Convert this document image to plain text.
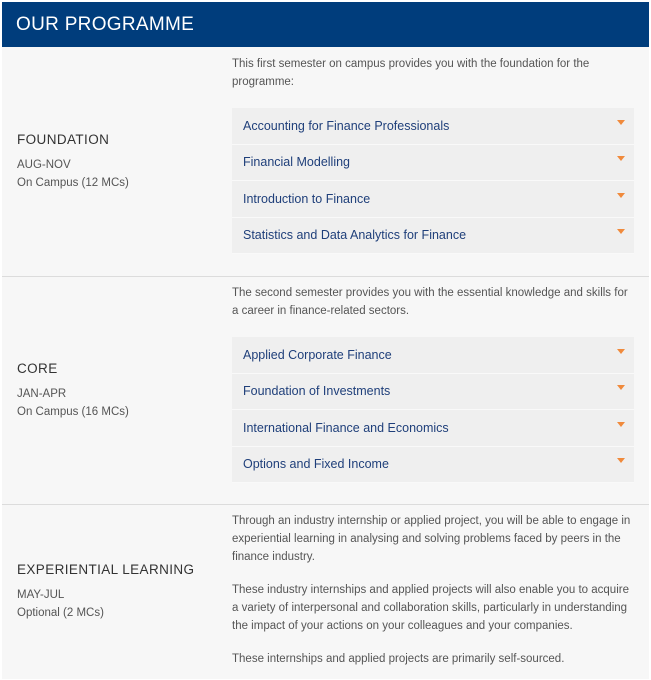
OUR PROGRAMME
FOUNDATION
AUG-NOV
On Campus (12 MCs)

This first semester on campus provides you with the foundation for the programme:

Accounting for Finance Professionals
Financial Modelling
Introduction to Finance
Statistics and Data Analytics for Finance
CORE
JAN-APR
On Campus (16 MCs)

The second semester provides you with the essential knowledge and skills for a career in finance-related sectors.

Applied Corporate Finance
Foundation of Investments
International Finance and Economics
Options and Fixed Income
EXPERIENTIAL LEARNING
MAY-JUL
Optional (2 MCs)

Through an industry internship or applied project, you will be able to engage in experiential learning in analysing and solving problems faced by peers in the finance industry.

These industry internships and applied projects will also enable you to acquire a variety of interpersonal and collaboration skills, particularly in understanding the impact of your actions on your colleagues and your companies.

These internships and applied projects are primarily self-sourced.
